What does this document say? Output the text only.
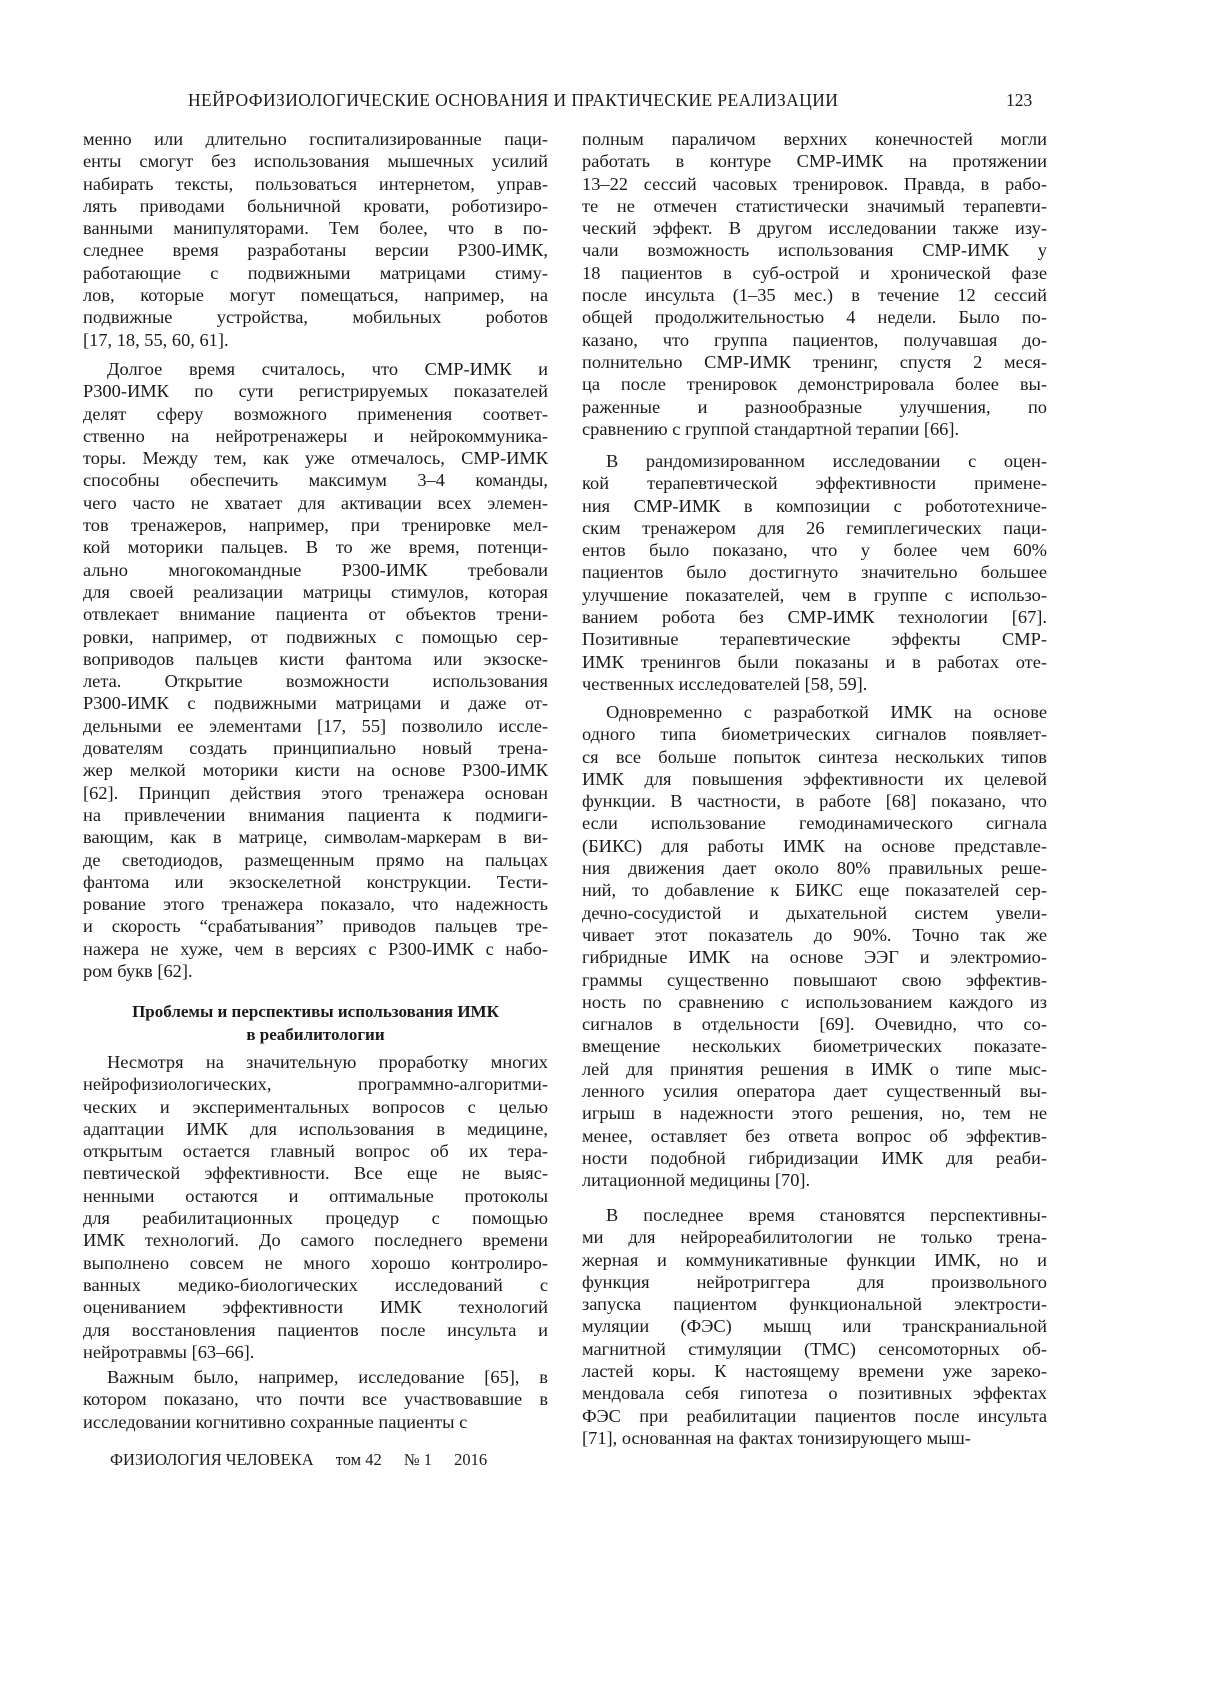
НЕЙРОФИЗИОЛОГИЧЕСКИЕ ОСНОВАНИЯ И ПРАКТИЧЕСКИЕ РЕАЛИЗАЦИИ	123
менно или длительно госпитализированные паци-
енты смогут без использования мышечных усилий
набирать тексты, пользоваться интернетом, управ-
лять приводами больничной кровати, роботизиро-
ванными манипуляторами. Тем более, что в по-
следнее время разработаны версии P300-ИМК,
работающие с подвижными матрицами стиму-
лов, которые могут помещаться, например, на
подвижные устройства, мобильных роботов
[17, 18, 55, 60, 61].
Долгое время считалось, что СМР-ИМК и
P300-ИМК по сути регистрируемых показателей
делят сферу возможного применения соответ-
ственно на нейротренажеры и нейрокоммуника-
торы. Между тем, как уже отмечалось, СМР-ИМК
способны обеспечить максимум 3–4 команды,
чего часто не хватает для активации всех элемен-
тов тренажеров, например, при тренировке мел-
кой моторики пальцев. В то же время, потенци-
ально многокомандные P300-ИМК требовали
для своей реализации матрицы стимулов, которая
отвлекает внимание пациента от объектов трени-
ровки, например, от подвижных с помощью сер-
воприводов пальцев кисти фантома или экзоске-
лета. Открытие возможности использования
P300-ИМК с подвижными матрицами и даже от-
дельными ее элементами [17, 55] позволило иссле-
дователям создать принципиально новый трена-
жер мелкой моторики кисти на основе P300-ИМК
[62]. Принцип действия этого тренажера основан
на привлечении внимания пациента к подмиги-
вающим, как в матрице, символам-маркерам в ви-
де светодиодов, размещенным прямо на пальцах
фантома или экзоскелетной конструкции. Тести-
рование этого тренажера показало, что надежность
и скорость “срабатывания” приводов пальцев тре-
нажера не хуже, чем в версиях с P300-ИМК с набо-
ром букв [62].
Проблемы и перспективы использования ИМК
в реабилитологии
Несмотря на значительную проработку многих
нейрофизиологических, программно-алгоритми-
ческих и экспериментальных вопросов с целью
адаптации ИМК для использования в медицине,
открытым остается главный вопрос об их тера-
певтической эффективности. Все еще не выяс-
ненными остаются и оптимальные протоколы
для реабилитационных процедур с помощью
ИМК технологий. До самого последнего времени
выполнено совсем не много хорошо контролиро-
ванных медико-биологических исследований с
оцениванием эффективности ИМК технологий
для восстановления пациентов после инсульта и
нейротравмы [63–66].
Важным было, например, исследование [65], в
котором показано, что почти все участвовавшие в
исследовании когнитивно сохранные пациенты с
полным параличом верхних конечностей могли
работать в контуре СМР-ИМК на протяжении
13–22 сессий часовых тренировок. Правда, в рабо-
те не отмечен статистически значимый терапевти-
ческий эффект. В другом исследовании также изу-
чали возможность использования СМР-ИМК у
18 пациентов в суб-острой и хронической фазе
после инсульта (1–35 мес.) в течение 12 сессий
общей продолжительностью 4 недели. Было по-
казано, что группа пациентов, получавшая до-
полнительно СМР-ИМК тренинг, спустя 2 меся-
ца после тренировок демонстрировала более вы-
раженные и разнообразные улучшения, по
сравнению с группой стандартной терапии [66].
В рандомизированном исследовании с оцен-
кой терапевтической эффективности примене-
ния СМР-ИМК в композиции с робототехниче-
ским тренажером для 26 гемиплегических паци-
ентов было показано, что у более чем 60%
пациентов было достигнуто значительно большее
улучшение показателей, чем в группе с использо-
ванием робота без СМР-ИМК технологии [67].
Позитивные терапевтические эффекты СМР-
ИМК тренингов были показаны и в работах оте-
чественных исследователей [58, 59].
Одновременно с разработкой ИМК на основе
одного типа биометрических сигналов появляет-
ся все больше попыток синтеза нескольких типов
ИМК для повышения эффективности их целевой
функции. В частности, в работе [68] показано, что
если использование гемодинамического сигнала
(БИКС) для работы ИМК на основе представле-
ния движения дает около 80% правильных реше-
ний, то добавление к БИКС еще показателей сер-
дечно-сосудистой и дыхательной систем увели-
чивает этот показатель до 90%. Точно так же
гибридные ИМК на основе ЭЭГ и электромио-
граммы существенно повышают свою эффектив-
ность по сравнению с использованием каждого из
сигналов в отдельности [69]. Очевидно, что со-
вмещение нескольких биометрических показате-
лей для принятия решения в ИМК о типе мыс-
ленного усилия оператора дает существенный вы-
игрыш в надежности этого решения, но, тем не
менее, оставляет без ответа вопрос об эффектив-
ности подобной гибридизации ИМК для реаби-
литационной медицины [70].
В последнее время становятся перспективны-
ми для нейрореабилитологии не только трена-
жерная и коммуникативные функции ИМК, но и
функция нейротриггера для произвольного
запуска пациентом функциональной электрости-
муляции (ФЭС) мышц или транскраниальной
магнитной стимуляции (ТМС) сенсомоторных об-
ластей коры. К настоящему времени уже зареко-
мендовала себя гипотеза о позитивных эффектах
ФЭС при реабилитации пациентов после инсульта
[71], основанная на фактах тонизирующего мыш-
ФИЗИОЛОГИЯ ЧЕЛОВЕКА том 42 № 1 2016
